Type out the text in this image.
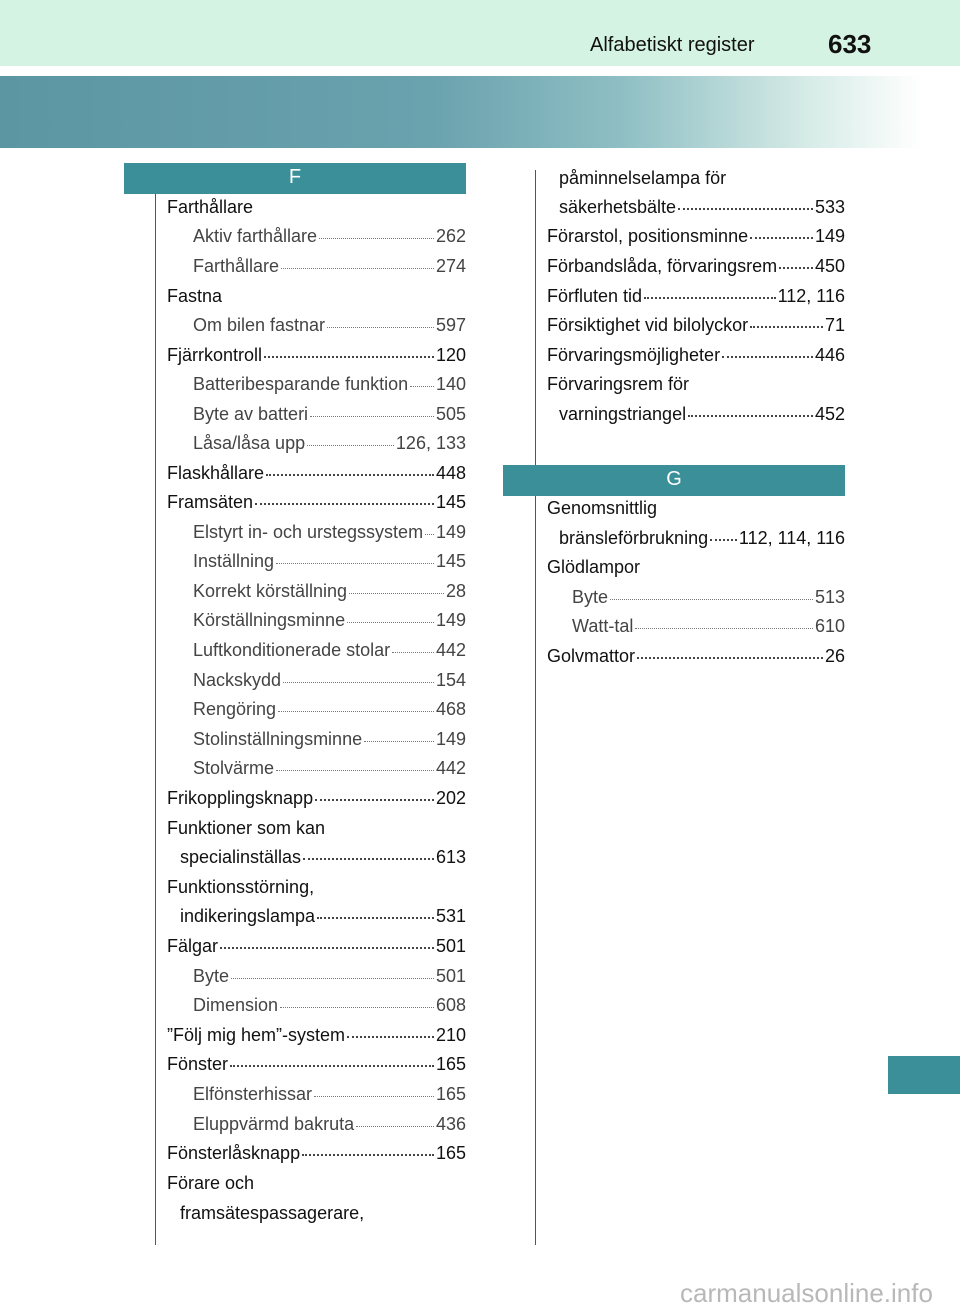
Alfabetiskt register	633
F
G
Farthållare
Aktiv farthållare	262
Farthållare	274
Fastna
Om bilen fastnar	597
Fjärrkontroll	120
Batteribesparande funktion 140
Byte av batteri	505
Låsa/låsa upp	126, 133
Flaskhållare	448
Framsäten	145
Elstyrt in- och urstegssystem 149
Inställning	145
Korrekt körställning	28
Körställningsminne	149
Luftkonditionerade stolar	442
Nackskydd	154
Rengöring	468
Stolinställningsminne	149
Stolvärme	442
Frikopplingsknapp	202
Funktioner som kan
specialinställas	613
Funktionsstörning,
indikeringslampa	531
Fälgar	501
Byte	501
Dimension	608
”Följ mig hem”-system	210
Fönster	165
Elfönsterhissar	165
Eluppvärmd bakruta	436
Fönsterlåsknapp	165
Förare och
framsätespassagerare,
påminnelselampa för
säkerhetsbälte	533
Förarstol, positionsminne	149
Förbandslåda, förvaringsrem 450
Förfluten tid	112, 116
Försiktighet vid bilolyckor	71
Förvaringsmöjligheter	446
Förvaringsrem för
varningstriangel	452
Genomsnittlig
bränsleförbrukning 112, 114, 116
Glödlampor
Byte	513
Watt-tal	610
Golvmattor	26
carmanualsonline.info
